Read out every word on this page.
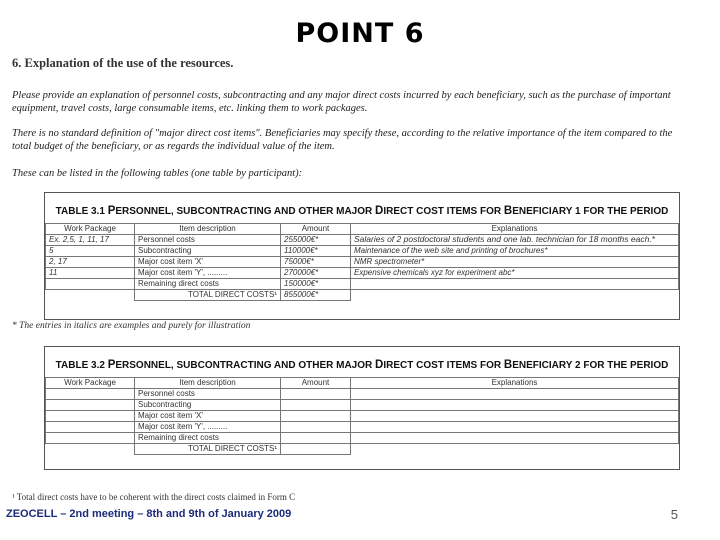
POINT 6
6. Explanation of the use of the resources.
Please provide an explanation of personnel costs, subcontracting and any major direct costs incurred by each beneficiary, such as the purchase of important equipment, travel costs, large consumable items, etc. linking them to work packages.
There is no standard definition of "major direct cost items". Beneficiaries may specify these, according to the relative importance of the item compared to the total budget of the beneficiary, or as regards the individual value of the item.
These can be listed in the following tables (one table by participant):
TABLE 3.1 PERSONNEL, SUBCONTRACTING AND OTHER MAJOR DIRECT COST ITEMS FOR BENEFICIARY 1 FOR THE PERIOD
Work Package	Item description	Amount	Explanations
Ex. 2,5, 1, 11, 17	Personnel costs	255000€*	Salaries of 2 postdoctoral students and one lab. technician for 18 months each.*
5	Subcontracting	110000€*	Maintenance of the web site and printing of brochures*
2, 17	Major cost item 'X'	75000€*	NMR spectrometer*
11	Major cost item 'Y', .........	270000€*	Expensive chemicals xyz for experiment abc*
	Remaining direct costs	150000€*	
	TOTAL DIRECT COSTS¹	855000€*	
* The entries in italics are examples and purely for illustration
TABLE 3.2 PERSONNEL, SUBCONTRACTING AND OTHER MAJOR DIRECT COST ITEMS FOR BENEFICIARY 2 FOR THE PERIOD
Work Package	Item description	Amount	Explanations
	Personnel costs		
	Subcontracting		
	Major cost item 'X'		
	Major cost item 'Y', .........		
	Remaining direct costs		
	TOTAL DIRECT COSTS¹		
¹ Total direct costs have to be coherent with the direct costs claimed in Form C
ZEOCELL – 2nd meeting – 8th and 9th of January 2009	5
